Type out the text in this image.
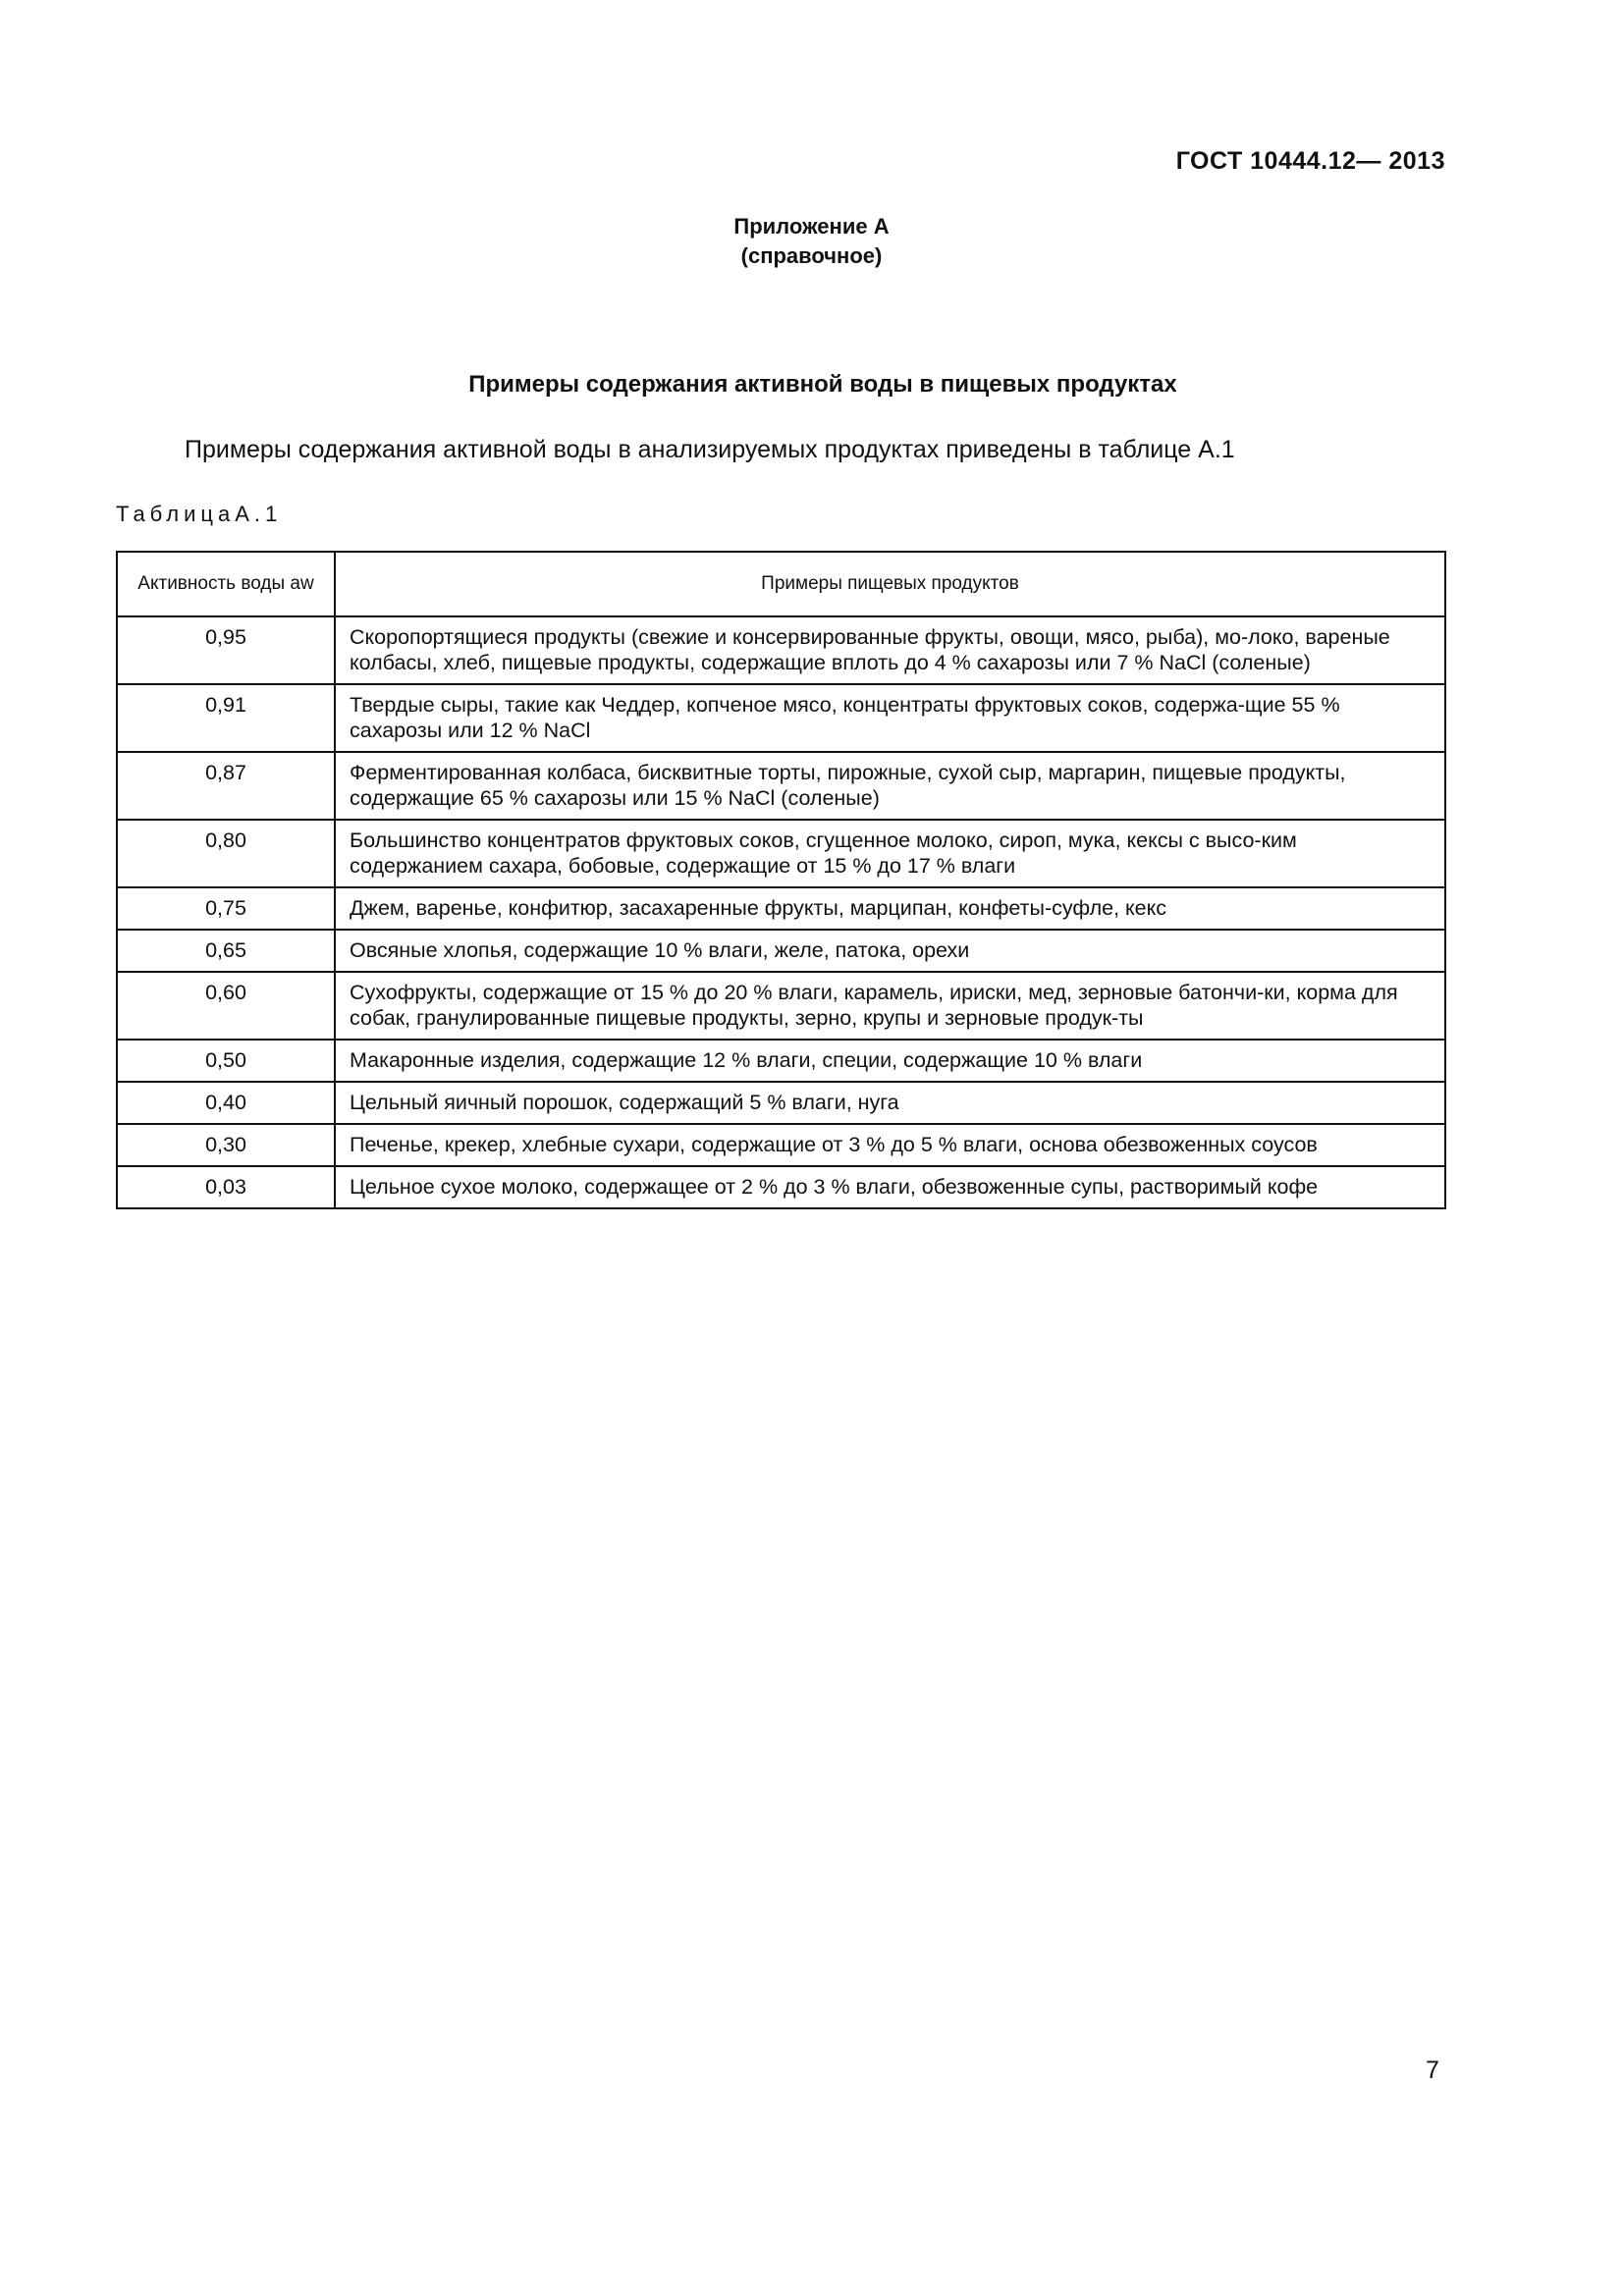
ГОСТ 10444.12— 2013
Приложение А
(справочное)
Примеры содержания активной воды в пищевых продуктах
Примеры содержания активной воды в анализируемых продуктах приведены в таблице А.1
ТаблицаА.1
Активность воды aw	Примеры пищевых продуктов
0,95	Скоропортящиеся продукты (свежие и консервированные фрукты, овощи, мясо, рыба), мо-локо, вареные колбасы, хлеб, пищевые продукты, содержащие вплоть до 4 % сахарозы или 7 % NaCl (соленые)
0,91	Твердые сыры, такие как Чеддер, копченое мясо, концентраты фруктовых соков, содержа-щие 55 % сахарозы или 12 % NaCl
0,87	Ферментированная колбаса, бисквитные торты, пирожные, сухой сыр, маргарин, пищевые продукты, содержащие 65 % сахарозы или 15 % NaCl (соленые)
0,80	Большинство концентратов фруктовых соков, сгущенное молоко, сироп, мука, кексы с высо-ким содержанием сахара, бобовые, содержащие от 15 % до 17 % влаги
0,75	Джем, варенье, конфитюр, засахаренные фрукты, марципан, конфеты-суфле, кекс
0,65	Овсяные хлопья, содержащие 10 % влаги, желе, патока, орехи
0,60	Сухофрукты, содержащие от 15 % до 20 % влаги, карамель, ириски, мед, зерновые батончи-ки, корма для собак, гранулированные пищевые продукты, зерно, крупы и зерновые продук-ты
0,50	Макаронные изделия, содержащие 12 % влаги, специи, содержащие 10 % влаги
0,40	Цельный яичный порошок, содержащий 5 % влаги, нуга
0,30	Печенье, крекер, хлебные сухари, содержащие от 3 % до 5 % влаги, основа обезвоженных соусов
0,03	Цельное сухое молоко, содержащее от 2 % до 3 % влаги, обезвоженные супы, растворимый кофе
7
